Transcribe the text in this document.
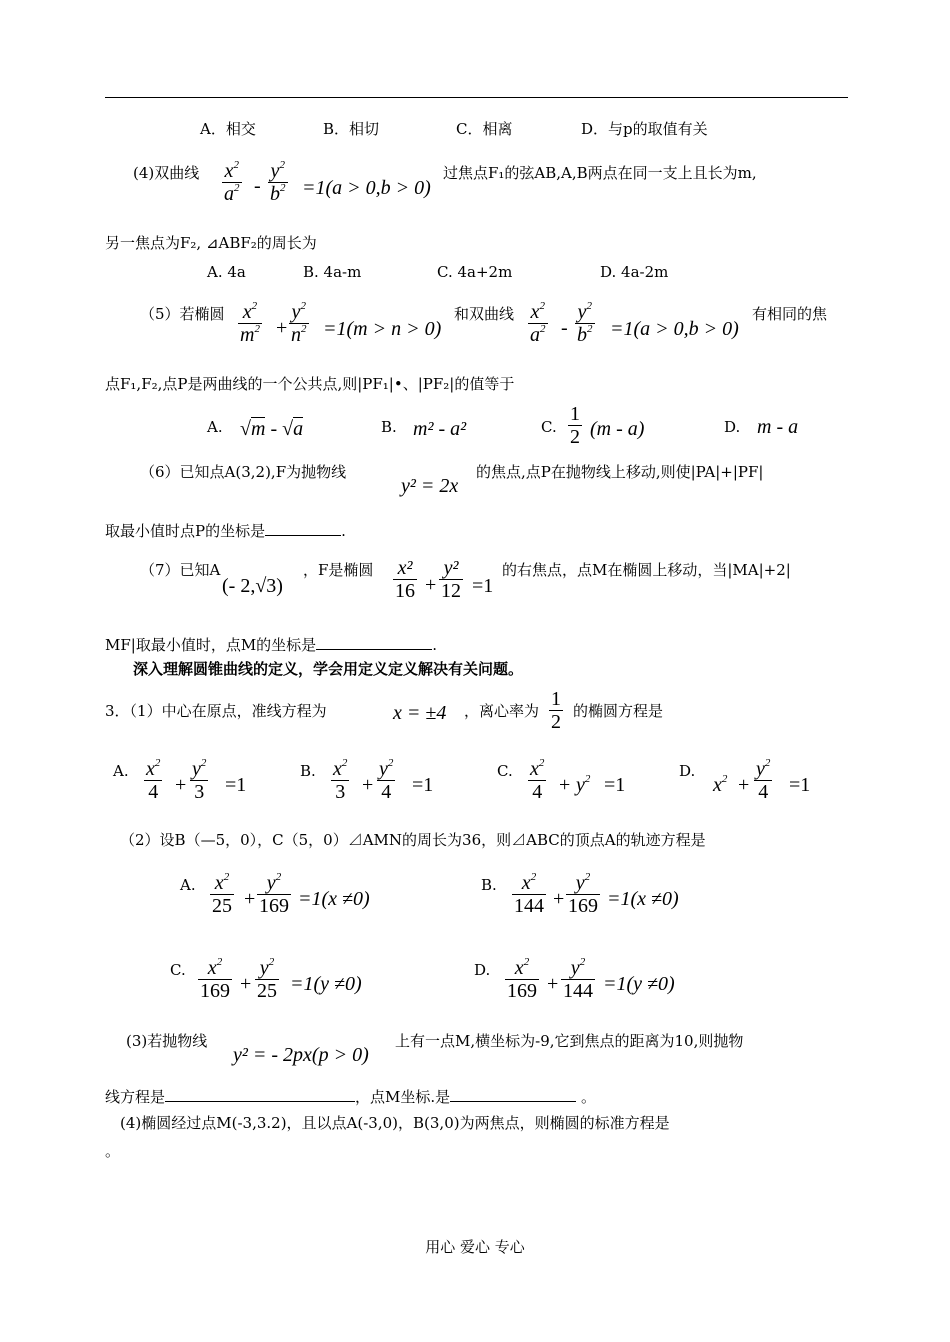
A．相交	B．相切	C．相离	D．与p的取值有关
(4)双曲线 $\frac{x^2}{a^2} - \frac{y^2}{b^2} =1(a > 0,b > 0)$
过焦点F₁的弦AB,A,B两点在同一支上且长为m,
另一焦点为F₂, ⊿ABF₂的周长为
A. 4a	B. 4a-m	C. 4a+2m	D. 4a-2m
（5）若椭圆 $\frac{x^2}{m^2} + \frac{y^2}{n^2} =1(m > n > 0)$
和双曲线 $\frac{x^2}{a^2} - \frac{y^2}{b^2} =1(a > 0,b > 0)$
有相同的焦
点F₁,F₂,点P是两曲线的一个公共点,则|PF₁|•、|PF₂|的值等于
A. √m - √a	B. m² - a²	C. $\frac{1}{2} (m - a)$	D. m - a
（6）已知点A(3,2),F为抛物线
y² = 2x
的焦点,点P在抛物线上移动,则使|PA|+|PF|
取最小值时点P的坐标是	.
（7）已知A
(- 2,√3)
，F是椭圆 $\frac{\text{x²}}{16} + \frac{\text{y²}}{12} =1$
的右焦点，点M在椭圆上移动，当|MA|+2|
MF|取最小值时，点M的坐标是	.
深入理解圆锥曲线的定义，学会用定义定义解决有关问题。
3．（1）中心在原点，准线方程为	x = ±4 ，离心率为 $\frac{1}{2}$ 的椭圆方程是
A. $\frac{x^2}{4} + \frac{y^2}{3} =1$
B. $\frac{x^2}{3} + \frac{y^2}{4} =1$
C. $\frac{x^2}{4} + y^2 =1$
D.
$x^2 + \frac{y^2}{4} =1$
（2）设B（—5，0），C（5，0）⊿AMN的周长为36，则⊿ABC的顶点A的轨迹方程是
A. $\frac{x^2}{25} + \frac{y^2}{169} =1(x \ne 0)$
B. $\frac{x^2}{144} + \frac{y^2}{169} =1(x \ne 0)$
C. $\frac{x^2}{169} + \frac{y^2}{25} =1(y \ne 0)$
D. $\frac{x^2}{169} + \frac{y^2}{144} =1(y \ne 0)$
(3)若抛物线
y² = - 2px(p > 0)
上有一点M,横坐标为-9,它到焦点的距离为10,则抛物
线方程是	，点M坐标.是	。
(4)椭圆经过点M(-3,3.2)，且以点A(-3,0)，B(3,0)为两焦点，则椭圆的标准方程是
。
用心 爱心 专心
